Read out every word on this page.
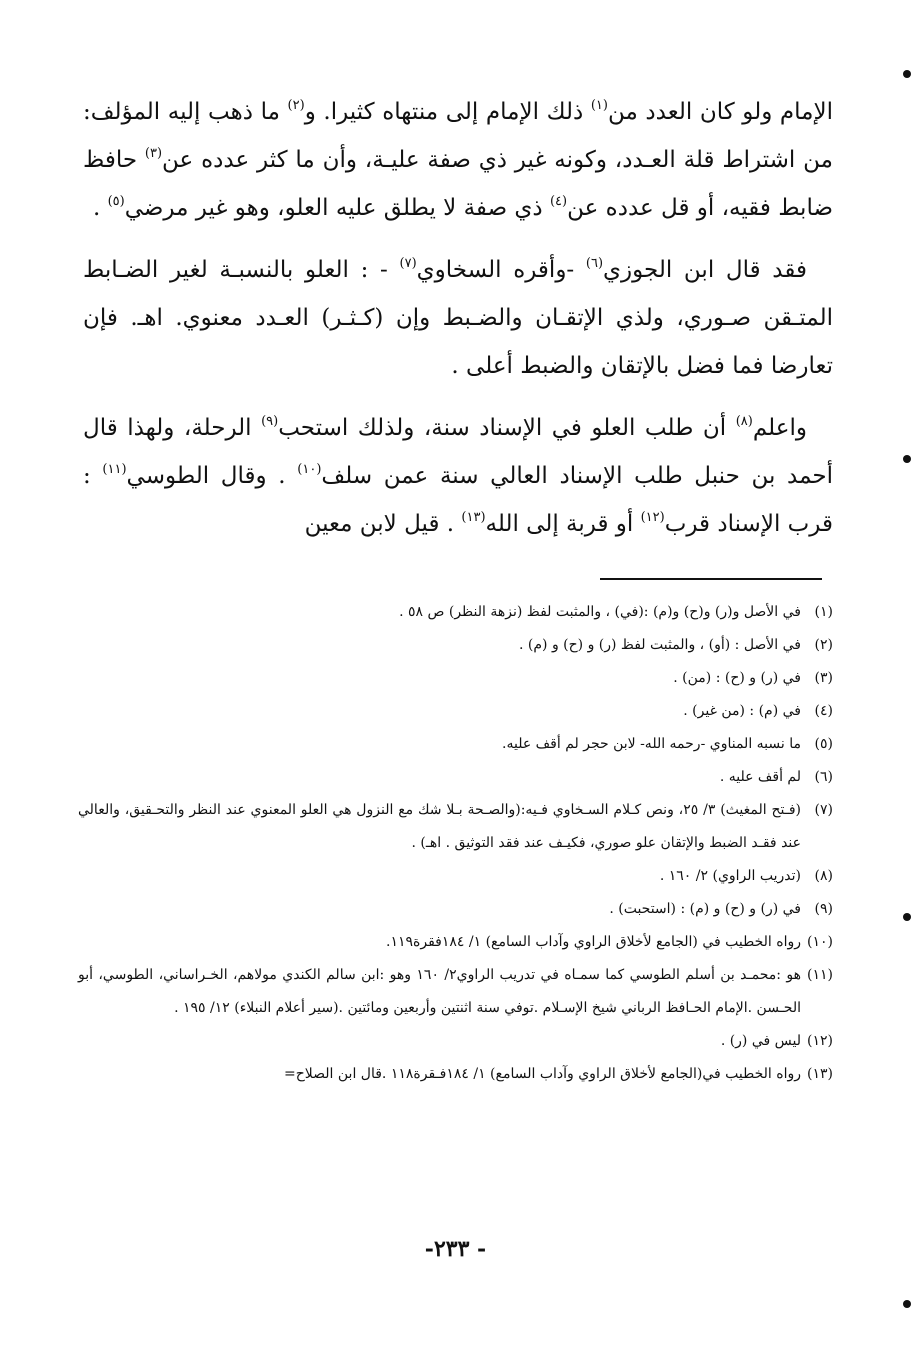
الإمام ولو كان العدد من$^{(١)}$ ذلك الإمام إلى منتهاه كثيرا. و$^{(٢)}$ ما ذهب إليه المؤلف: من اشتراط قلة العـدد، وكونه غير ذي صفة عليـة، وأن ما كثر عدده عن$^{(٣)}$ حافظ ضابط فقيه، أو قل عدده عن$^{(٤)}$ ذي صفة لا يطلق عليه العلو، وهو غير مرضي$^{(٥)}$ .

فقد قال ابن الجوزي$^{(٦)}$ -وأقره السخاوي$^{(٧)}$ - : العلو بالنسبـة لغير الضـابط المتـقن صـوري، ولذي الإتقـان والضـبط وإن (كـثـر) العـدد معنوي. اهـ. فإن تعارضا فما فضل بالإتقان والضبط أعلى .

واعلم$^{(٨)}$ أن طلب العلو في الإسناد سنة، ولذلك استحب$^{(٩)}$ الرحلة، ولهذا قال أحمد بن حنبل طلب الإسناد العالي سنة عمن سلف$^{(١٠)}$ . وقال الطوسي$^{(١١)}$ : قرب الإسناد قرب$^{(١٢)}$ أو قربة إلى الله$^{(١٣)}$ . قيل لابن معين

(١)
في الأصل و(ر) و(ح) و(م) :(في) ، والمثبت لفظ (نزهة النظر) ص ٥٨ .
(٢)
في الأصل : (أو) ، والمثبت لفظ (ر) و (ح) و (م) .
(٣)
في (ر) و (ح) : (من) .
(٤)
في (م) : (من غير) .
(٥)
ما نسبه المناوي -رحمه الله- لابن حجر لم أقف عليه.
(٦)
لم أقف عليه .
(٧)
(فـتح المغيث) ٣/ ٢٥، ونص كـلام السـخاوي فـيه:(والصـحة بـلا شك مع النزول هي العلو المعنوي عند النظر والتحـقيق، والعالي عند فقـد الضبط والإتقان علو صوري، فكيـف عند فقد التوثيق . اهـ) .
(٨)
(تدريب الراوي) ٢/ ١٦٠ .
(٩)
في (ر) و (ح) و (م) : (استحبت) .
(١٠)
رواه الخطيب في (الجامع لأخلاق الراوي وآداب السامع) ١/ ١٨٤فقرة١١٩.
(١١)
هو :محمـد بن أسلم الطوسي كما سمـاه في تدريب الراوي٢/ ١٦٠ وهو :ابن سالم الكندي مولاهم، الخـراساني، الطوسي، أبو الحـسن .الإمام الحـافظ الرباني شيخ الإسـلام .توفي سنة اثنتين وأربعين ومائتين .(سير أعلام النبلاء) ١٢/ ١٩٥ .
(١٢)
ليس في (ر) .
(١٣)
رواه الخطيب في(الجامع لأخلاق الراوي وآداب السامع) ١/ ١٨٤فـقرة١١٨ .قال ابن الصلاح=
- ٢٣٣-
